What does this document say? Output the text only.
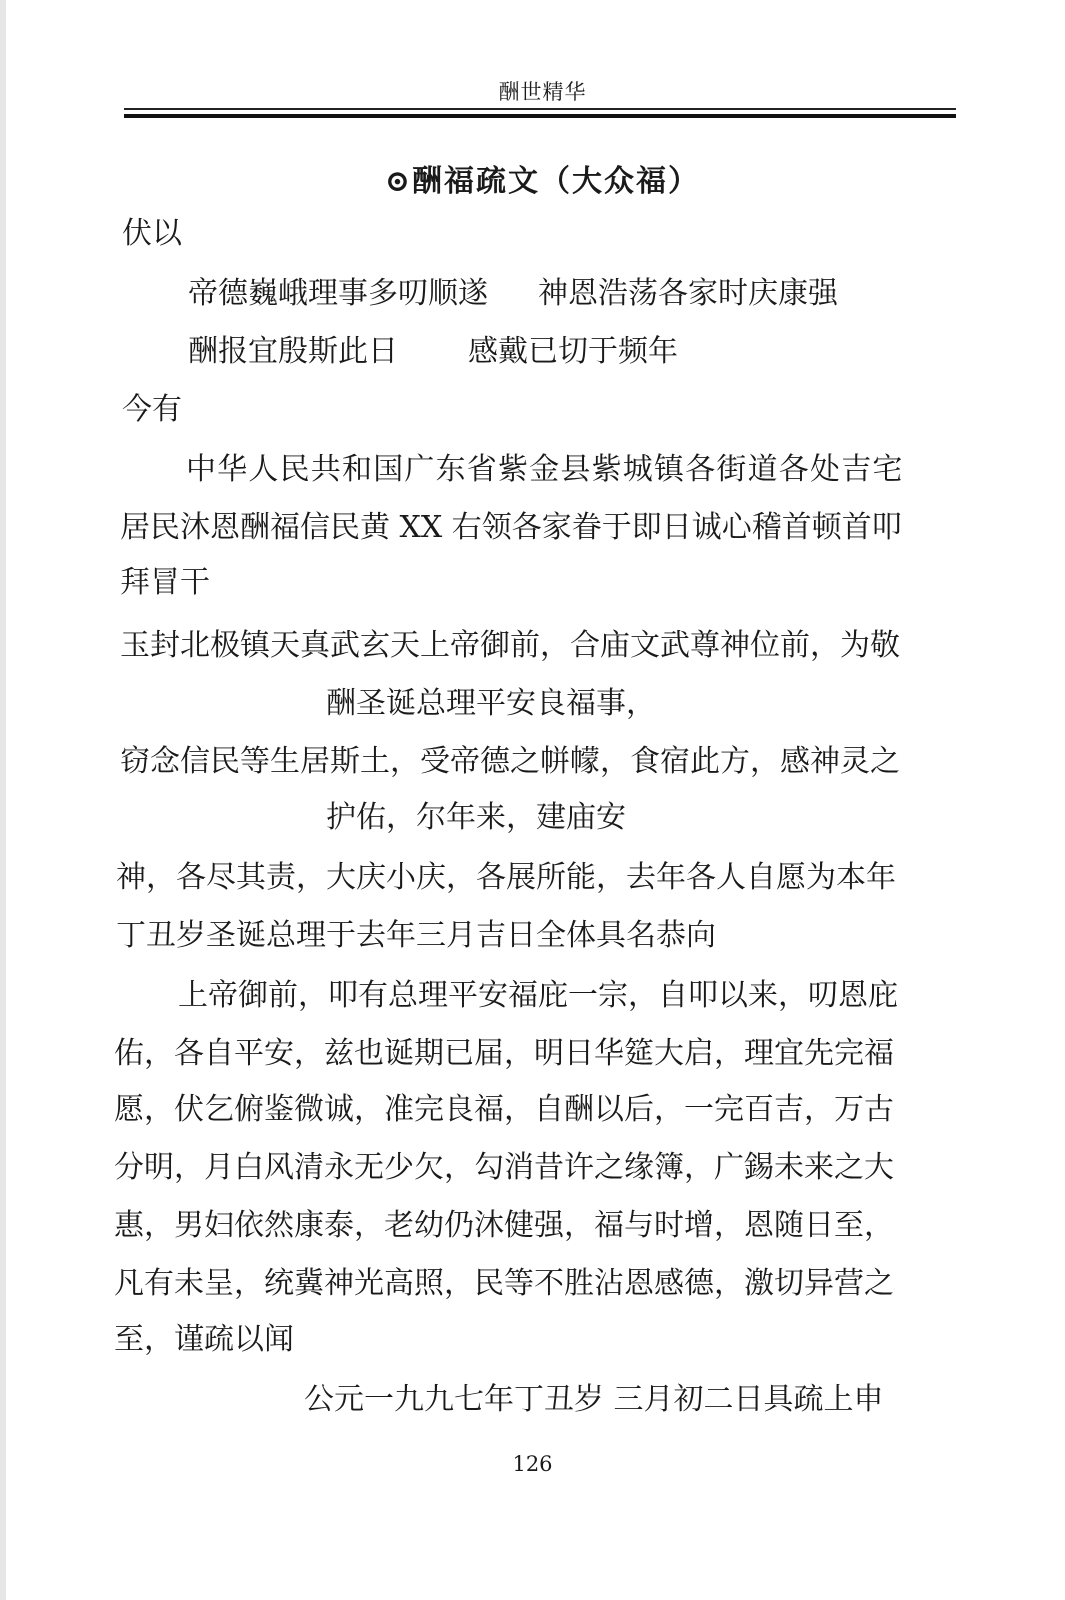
酬世精华
⊙酬福疏文（大众福）
伏以
帝德巍峨理事多叨顺遂 神恩浩荡各家时庆康强
酬报宜殷斯此日 感戴已切于频年
今有
中华人民共和国广东省紫金县紫城镇各街道各处吉宅
居民沐恩酬福信民黄 XX 右领各家眷于即日诚心稽首顿首叩
拜冒干
玉封北极镇天真武玄天上帝御前，合庙文武尊神位前，为敬
酬圣诞总理平安良福事，
窃念信民等生居斯土，受帝德之帡幪，食宿此方，感神灵之
护佑，尔年来，建庙安
神，各尽其责，大庆小庆，各展所能，去年各人自愿为本年
丁丑岁圣诞总理于去年三月吉日全体具名恭向
上帝御前，叩有总理平安福庇一宗，自叩以来，叨恩庇
佑，各自平安，兹也诞期已届，明日华筵大启，理宜先完福
愿，伏乞俯鉴微诚，准完良福，自酬以后，一完百吉，万古
分明，月白风清永无少欠，勾消昔许之缘簿，广錫未来之大
惠，男妇依然康泰，老幼仍沐健强，福与时增，恩随日至，
凡有未呈，统冀神光高照，民等不胜沾恩感德，激切异营之
至，谨疏以闻
公元一九九七年丁丑岁 三月初二日具疏上申
126
